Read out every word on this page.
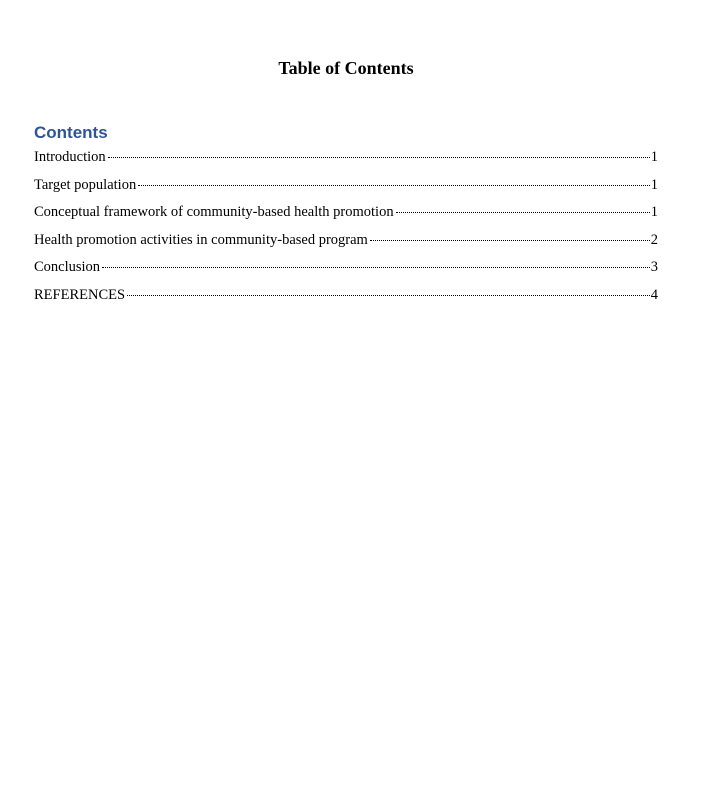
Table of Contents
Contents
Introduction	1
Target population	1
Conceptual framework of community-based health promotion	1
Health promotion activities in community-based program	2
Conclusion	3
REFERENCES	4
